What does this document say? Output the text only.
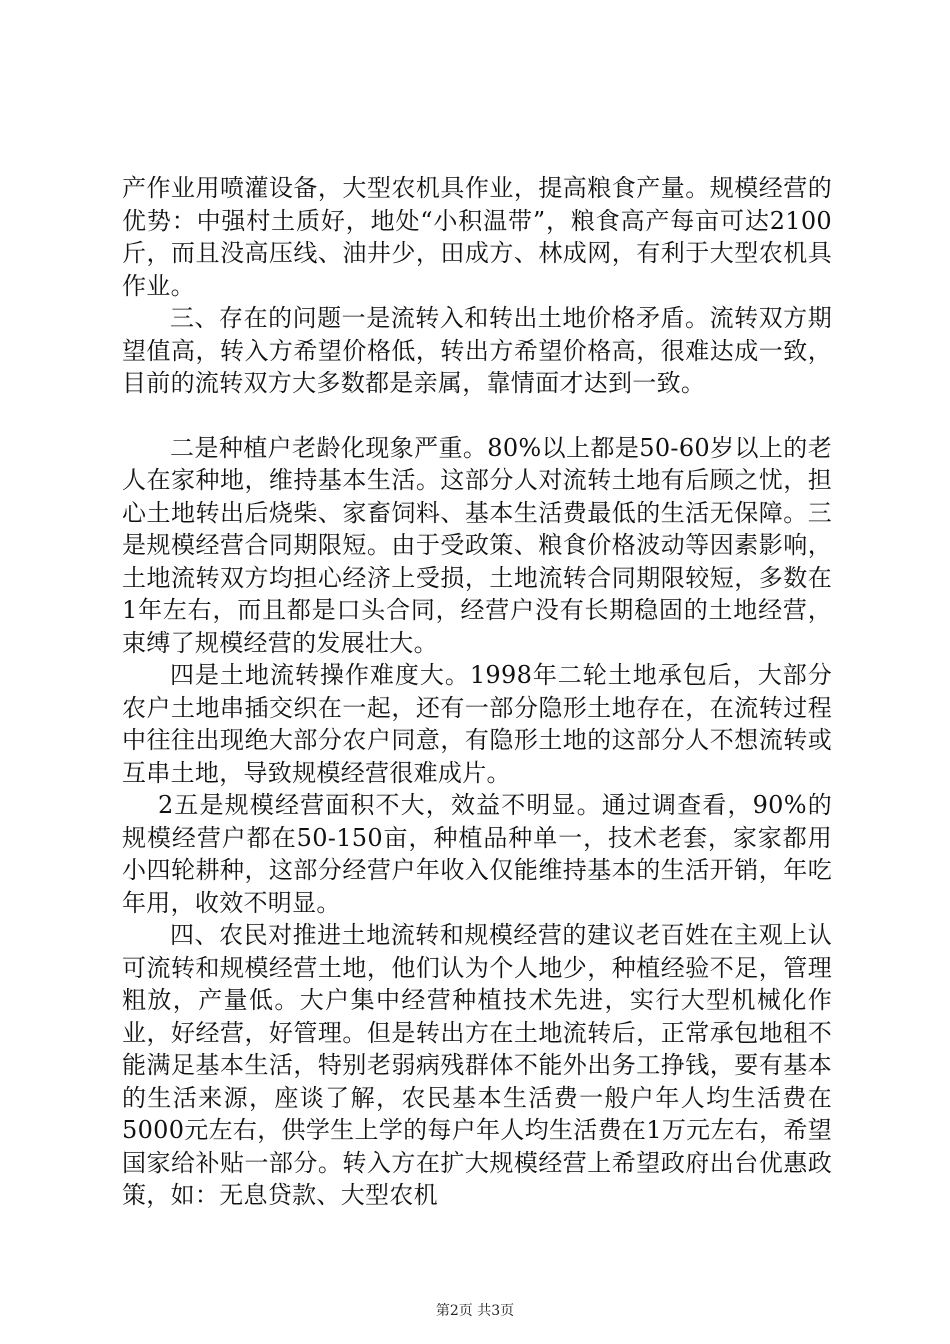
产作业用喷灌设备，大型农机具作业，提高粮食产量。规模经营的优势：中强村土质好，地处“小积温带”，粮食高产每亩可达2100斤，而且没高压线、油井少，田成方、林成网，有利于大型农机具作业。

三、存在的问题一是流转入和转出土地价格矛盾。流转双方期望值高，转入方希望价格低，转出方希望价格高，很难达成一致，目前的流转双方大多数都是亲属，靠情面才达到一致。

二是种植户老龄化现象严重。80%以上都是50-60岁以上的老人在家种地，维持基本生活。这部分人对流转土地有后顾之忧，担心土地转出后烧柴、家畜饲料、基本生活费最低的生活无保障。三是规模经营合同期限短。由于受政策、粮食价格波动等因素影响，土地流转双方均担心经济上受损，土地流转合同期限较短，多数在1年左右，而且都是口头合同，经营户没有长期稳固的土地经营，束缚了规模经营的发展壮大。

四是土地流转操作难度大。1998年二轮土地承包后，大部分农户土地串插交织在一起，还有一部分隐形土地存在，在流转过程中往往出现绝大部分农户同意，有隐形土地的这部分人不想流转或互串土地，导致规模经营很难成片。

2五是规模经营面积不大，效益不明显。通过调查看，90%的规模经营户都在50-150亩，种植品种单一，技术老套，家家都用小四轮耕种，这部分经营户年收入仅能维持基本的生活开销，年吃年用，收效不明显。

四、农民对推进土地流转和规模经营的建议老百姓在主观上认可流转和规模经营土地，他们认为个人地少，种植经验不足，管理粗放，产量低。大户集中经营种植技术先进，实行大型机械化作业，好经营，好管理。但是转出方在土地流转后，正常承包地租不能满足基本生活，特别老弱病残群体不能外出务工挣钱，要有基本的生活来源，座谈了解，农民基本生活费一般户年人均生活费在5000元左右，供学生上学的每户年人均生活费在1万元左右，希望国家给补贴一部分。转入方在扩大规模经营上希望政府出台优惠政策，如：无息贷款、大型农机

第2页 共3页
